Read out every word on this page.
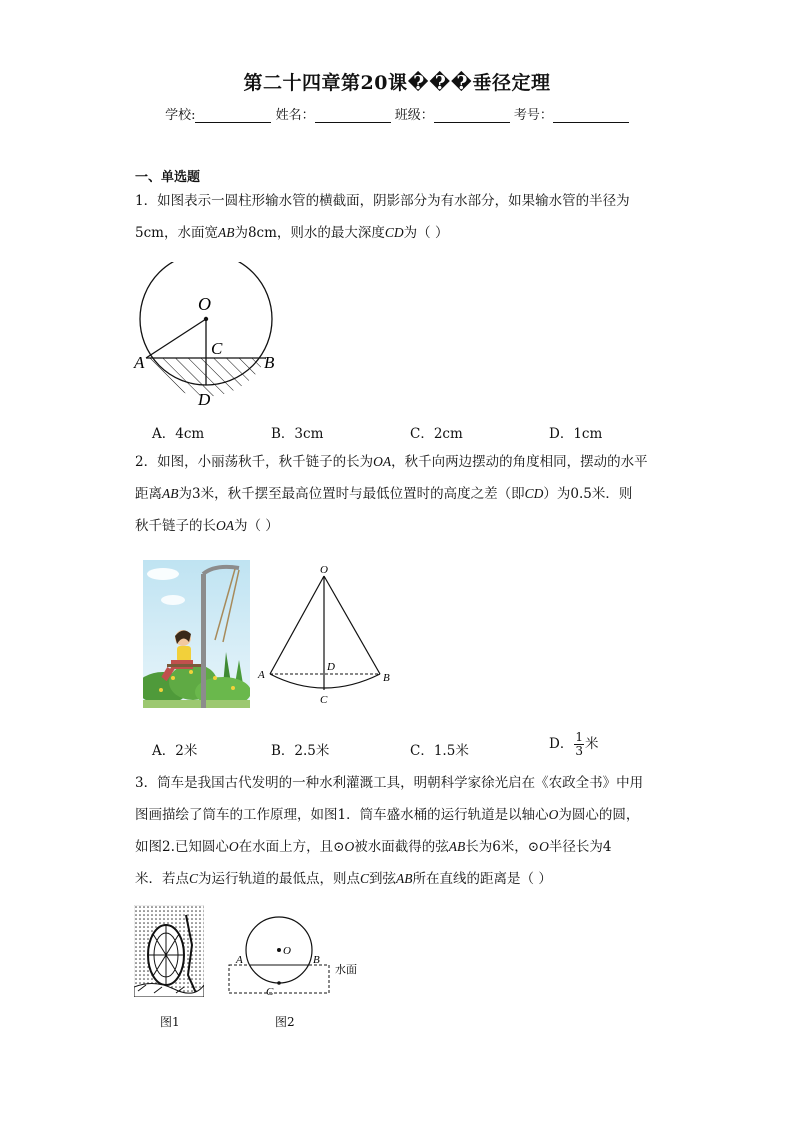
第二十四章第20课���垂径定理
学校:	姓名：	班级：	考号：
一、单选题
1．如图表示一圆柱形输水管的横截面，阴影部分为有水部分，如果输水管的半径为
5cm，水面宽AB为8cm，则水的最大深度CD为（ ）
O
A	B
C
D
A．4cm	B．3cm	C．2cm	D．1cm
2．如图，小丽荡秋千，秋千链子的长为OA，秋千向两边摆动的角度相同，摆动的水平
距离AB为3米，秋千摆至最高位置时与最低位置时的高度之差（即CD）为0.5米．则
秋千链子的长OA为（ ）
O
A	B
D
C
A．2米	B．2.5米	C．1.5米	D． $\frac{1}{3}$ 米
3．筒车是我国古代发明的一种水利灌溉工具，明朝科学家徐光启在《农政全书》中用
图画描绘了筒车的工作原理，如图1．筒车盛水桶的运行轨道是以轴心O为圆心的圆，
如图2.已知圆心O在水面上方，且⊙O被水面截得的弦AB长为6米，⊙O半径长为4
米．若点C为运行轨道的最低点，则点C到弦AB所在直线的距离是（ ）
O
A	B
C
水面
图1	图2
